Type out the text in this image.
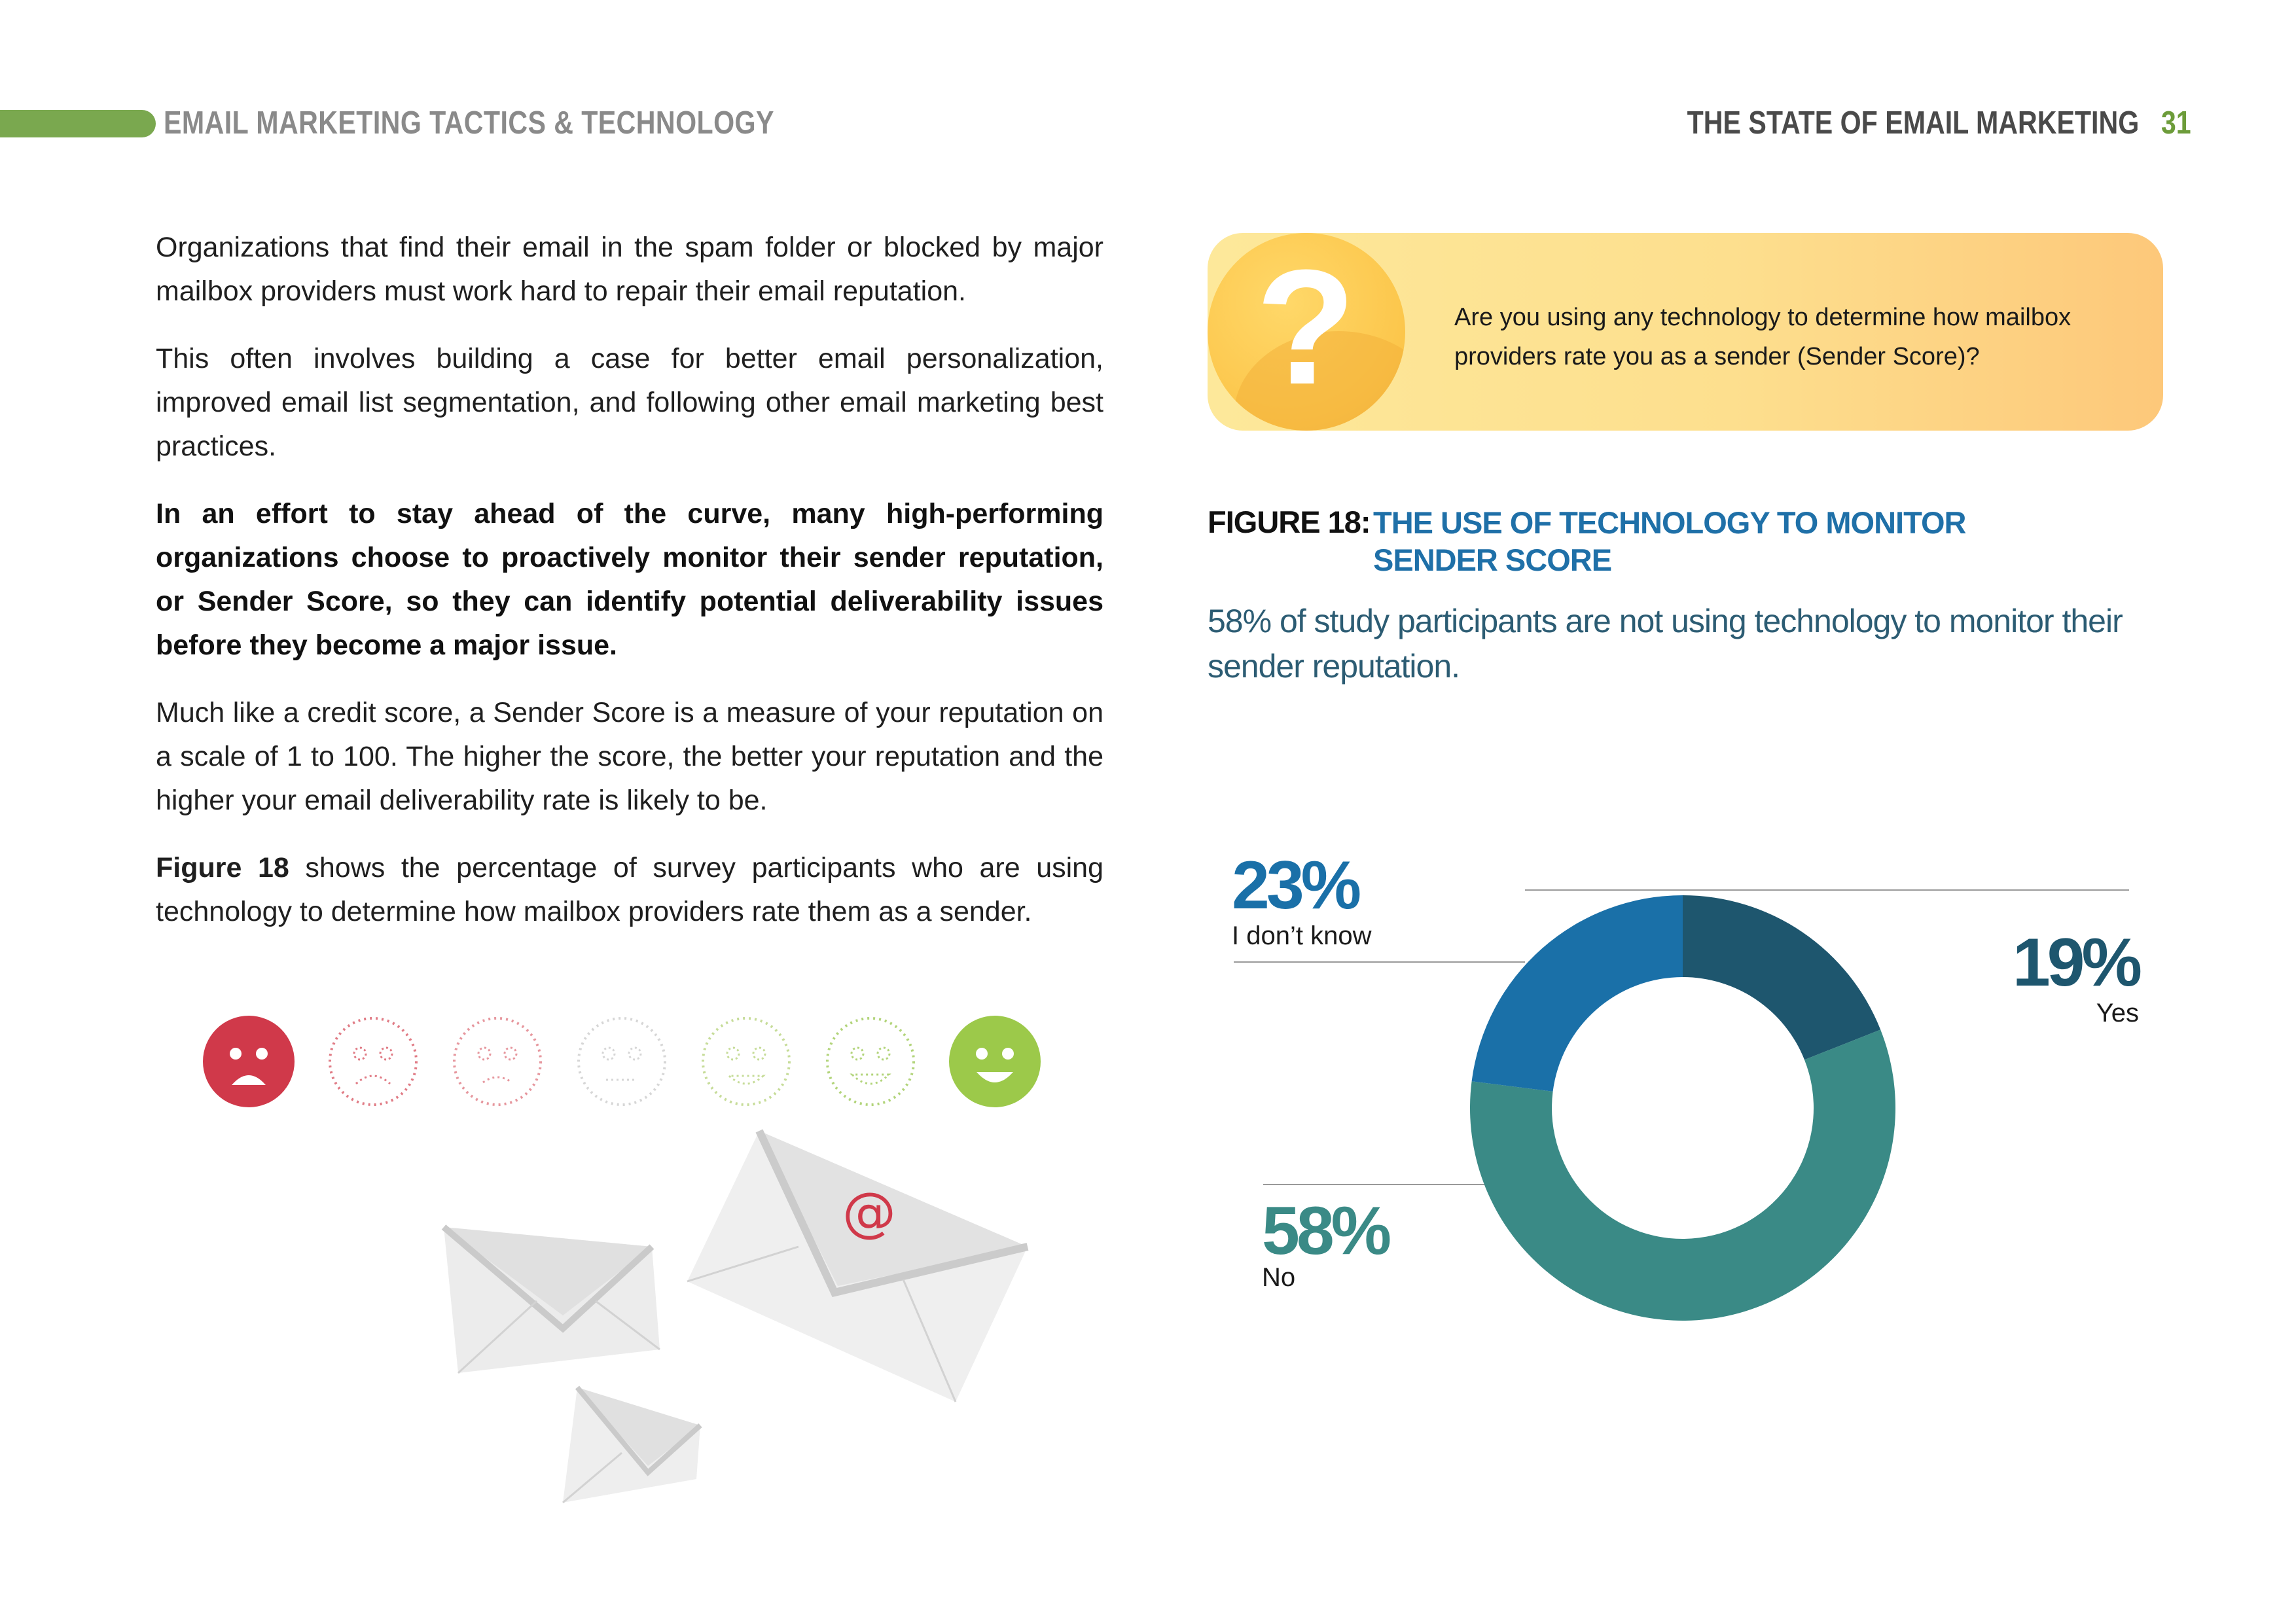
EMAIL MARKETING TACTICS & TECHNOLOGY	THE STATE OF EMAIL MARKETING 31

Organizations that find their email in the spam folder or blocked by major mailbox providers must work hard to repair their email reputation.

This often involves building a case for better email personalization, improved email list segmentation, and following other email marketing best practices.

In an effort to stay ahead of the curve, many high-performing organizations choose to proactively monitor their sender reputation, or Sender Score, so they can identify potential deliverability issues before they become a major issue.

Much like a credit score, a Sender Score is a measure of your reputation on a scale of 1 to 100. The higher the score, the better your reputation and the higher your email deliverability rate is likely to be.

Figure 18 shows the percentage of survey participants who are using technology to determine how mailbox providers rate them as a sender.

@
?	Are you using any technology to determine how mailbox providers rate you as a sender (Sender Score)?
FIGURE 18: THE USE OF TECHNOLOGY TO MONITOR SENDER SCORE
58% of study participants are not using technology to monitor their sender reputation.
23%
I don’t know	19%
Yes
58%
No
